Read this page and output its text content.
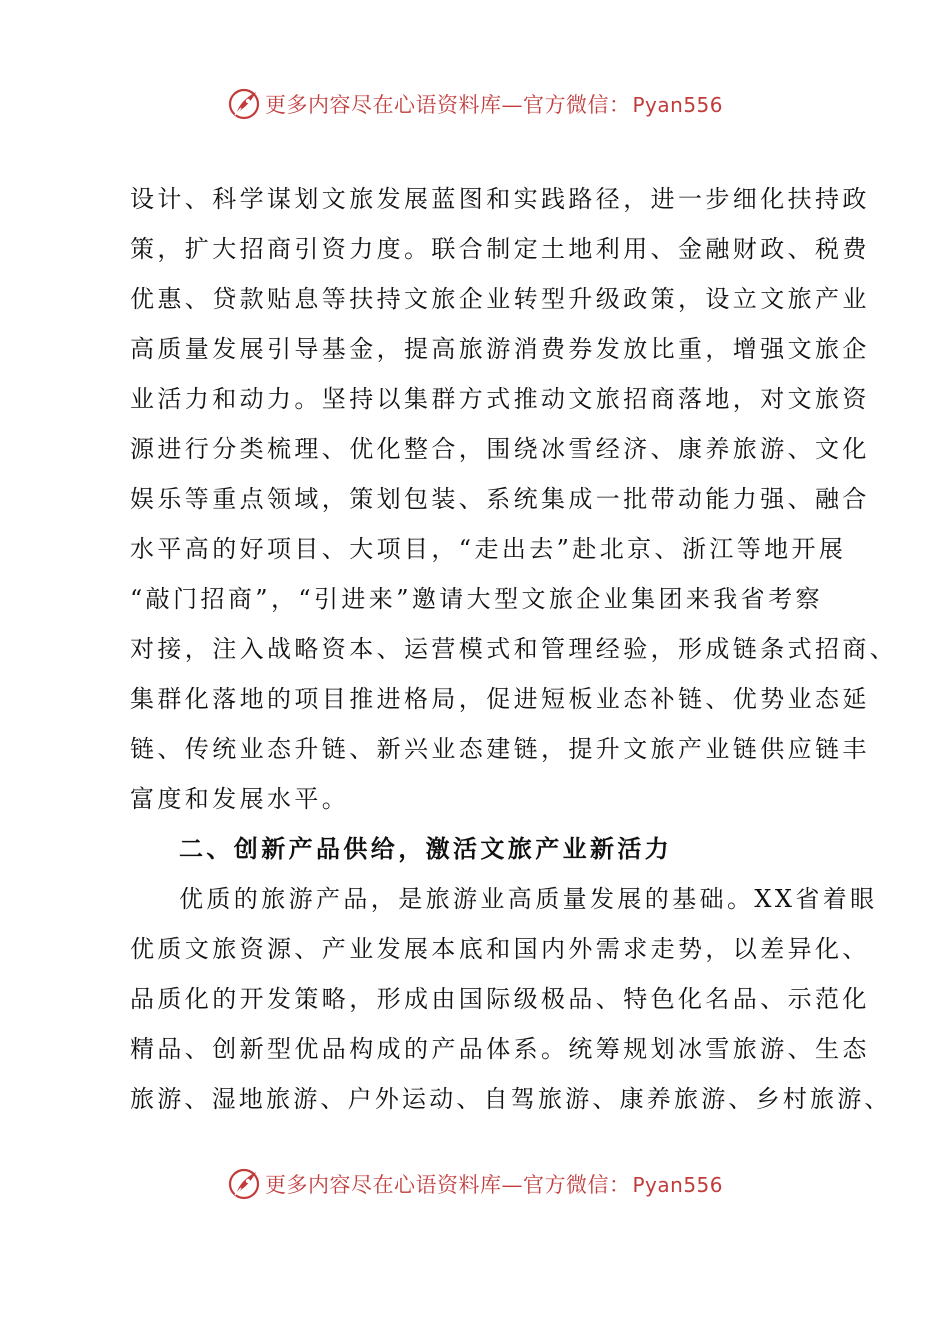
更多内容尽在心语资料库—官方微信： Pyan556
设计、科学谋划文旅发展蓝图和实践路径，进一步细化扶持政
策，扩大招商引资力度。联合制定土地利用、金融财政、税费
优惠、贷款贴息等扶持文旅企业转型升级政策，设立文旅产业
高质量发展引导基金，提高旅游消费券发放比重，增强文旅企
业活力和动力。坚持以集群方式推动文旅招商落地，对文旅资
源进行分类梳理、优化整合，围绕冰雪经济、康养旅游、文化
娱乐等重点领域，策划包装、系统集成一批带动能力强、融合
水平高的好项目、大项目，“走出去”赴北京、浙江等地开展
“敲门招商”，“引进来”邀请大型文旅企业集团来我省考察
对接，注入战略资本、运营模式和管理经验，形成链条式招商、
集群化落地的项目推进格局，促进短板业态补链、优势业态延
链、传统业态升链、新兴业态建链，提升文旅产业链供应链丰
富度和发展水平。
二、创新产品供给，激活文旅产业新活力
优质的旅游产品，是旅游业高质量发展的基础。XX省着眼
优质文旅资源、产业发展本底和国内外需求走势，以差异化、
品质化的开发策略，形成由国际级极品、特色化名品、示范化
精品、创新型优品构成的产品体系。统筹规划冰雪旅游、生态
旅游、湿地旅游、户外运动、自驾旅游、康养旅游、乡村旅游、
更多内容尽在心语资料库—官方微信： Pyan556
